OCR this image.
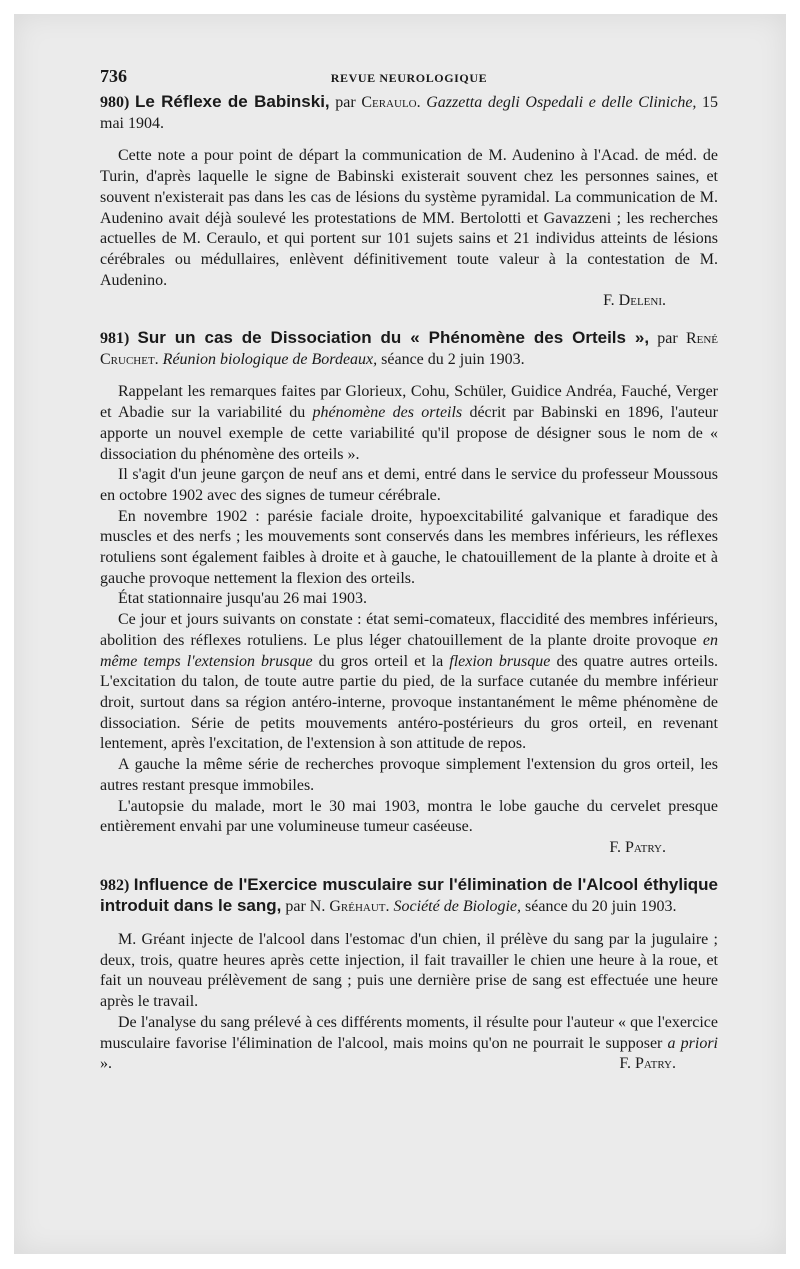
736	REVUE NEUROLOGIQUE
980) Le Réflexe de Babinski, par Ceraulo. Gazzetta degli Ospedali e delle Cliniche, 15 mai 1904.

Cette note a pour point de départ la communication de M. Audenino à l'Acad. de méd. de Turin, d'après laquelle le signe de Babinski existerait souvent chez les personnes saines, et souvent n'existerait pas dans les cas de lésions du système pyramidal. La communication de M. Audenino avait déjà soulevé les protestations de MM. Bertolotti et Gavazzeni ; les recherches actuelles de M. Ceraulo, et qui portent sur 101 sujets sains et 21 individus atteints de lésions cérébrales ou médullaires, enlèvent définitivement toute valeur à la contestation de M. Audenino.

F. Deleni.
981) Sur un cas de Dissociation du « Phénomène des Orteils », par René Cruchet. Réunion biologique de Bordeaux, séance du 2 juin 1903.

Rappelant les remarques faites par Glorieux, Cohu, Schüler, Guidice Andréa, Fauché, Verger et Abadie sur la variabilité du phénomène des orteils décrit par Babinski en 1896, l'auteur apporte un nouvel exemple de cette variabilité qu'il propose de désigner sous le nom de « dissociation du phénomène des orteils ».

Il s'agit d'un jeune garçon de neuf ans et demi, entré dans le service du professeur Moussous en octobre 1902 avec des signes de tumeur cérébrale.

En novembre 1902 : parésie faciale droite, hypoexcitabilité galvanique et faradique des muscles et des nerfs ; les mouvements sont conservés dans les membres inférieurs, les réflexes rotuliens sont également faibles à droite et à gauche, le chatouillement de la plante à droite et à gauche provoque nettement la flexion des orteils.

État stationnaire jusqu'au 26 mai 1903.

Ce jour et jours suivants on constate : état semi-comateux, flaccidité des membres inférieurs, abolition des réflexes rotuliens. Le plus léger chatouillement de la plante droite provoque en même temps l'extension brusque du gros orteil et la flexion brusque des quatre autres orteils. L'excitation du talon, de toute autre partie du pied, de la surface cutanée du membre inférieur droit, surtout dans sa région antéro-interne, provoque instantanément le même phénomène de dissociation. Série de petits mouvements antéro-postérieurs du gros orteil, en revenant lentement, après l'excitation, de l'extension à son attitude de repos.

A gauche la même série de recherches provoque simplement l'extension du gros orteil, les autres restant presque immobiles.

L'autopsie du malade, mort le 30 mai 1903, montra le lobe gauche du cervelet presque entièrement envahi par une volumineuse tumeur caséeuse.

F. Patry.
982) Influence de l'Exercice musculaire sur l'élimination de l'Alcool éthylique introduit dans le sang, par N. Gréhaut. Société de Biologie, séance du 20 juin 1903.

M. Gréant injecte de l'alcool dans l'estomac d'un chien, il prélève du sang par la jugulaire ; deux, trois, quatre heures après cette injection, il fait travailler le chien une heure à la roue, et fait un nouveau prélèvement de sang ; puis une dernière prise de sang est effectuée une heure après le travail.

De l'analyse du sang prélevé à ces différents moments, il résulte pour l'auteur « que l'exercice musculaire favorise l'élimination de l'alcool, mais moins qu'on ne pourrait le supposer a priori ».	F. Patry.
